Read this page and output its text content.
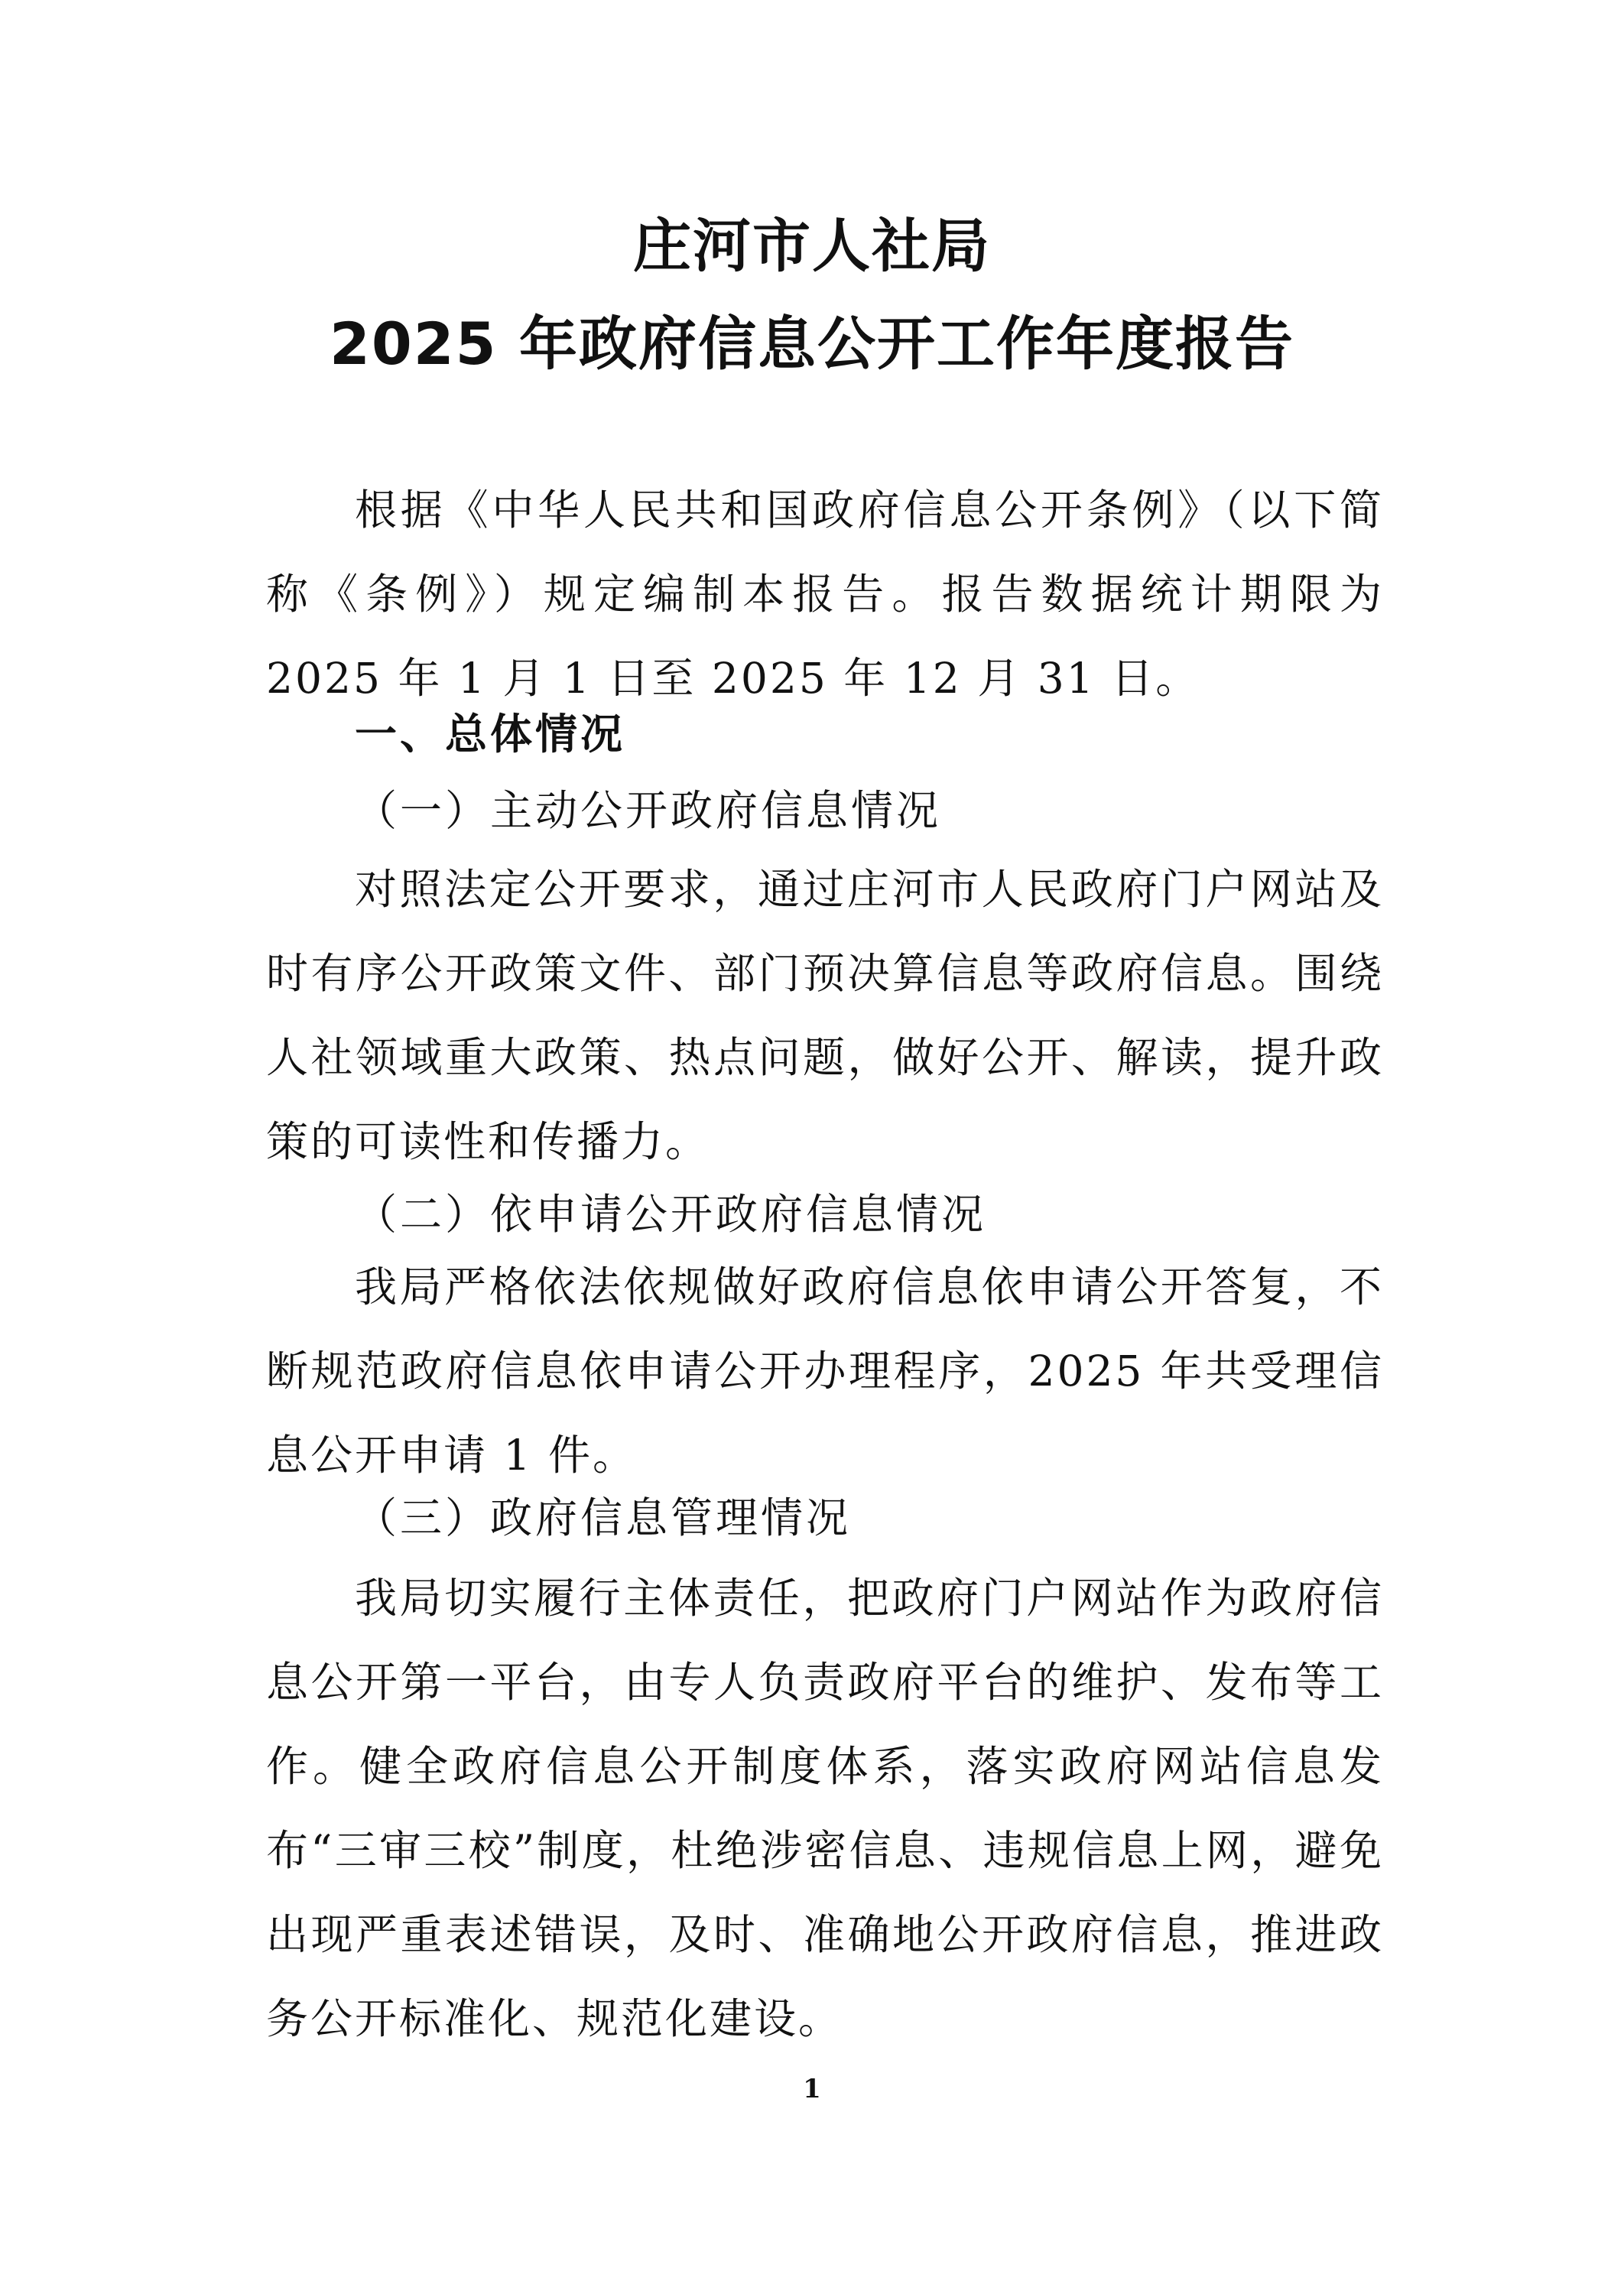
庄河市人社局
2025 年政府信息公开工作年度报告
根据《中华人民共和国政府信息公开条例》（以下简称《条例》）规定编制本报告。报告数据统计期限为 2025 年 1 月 1 日至 2025 年 12 月 31 日。
一、总体情况
（一）主动公开政府信息情况
对照法定公开要求，通过庄河市人民政府门户网站及时有序公开政策文件、部门预决算信息等政府信息。围绕人社领域重大政策、热点问题，做好公开、解读，提升政策的可读性和传播力。
（二）依申请公开政府信息情况
我局严格依法依规做好政府信息依申请公开答复，不断规范政府信息依申请公开办理程序，2025 年共受理信息公开申请 1 件。
（三）政府信息管理情况
我局切实履行主体责任，把政府门户网站作为政府信息公开第一平台，由专人负责政府平台的维护、发布等工作。健全政府信息公开制度体系，落实政府网站信息发布“三审三校”制度，杜绝涉密信息、违规信息上网，避免出现严重表述错误，及时、准确地公开政府信息，推进政务公开标准化、规范化建设。
1
